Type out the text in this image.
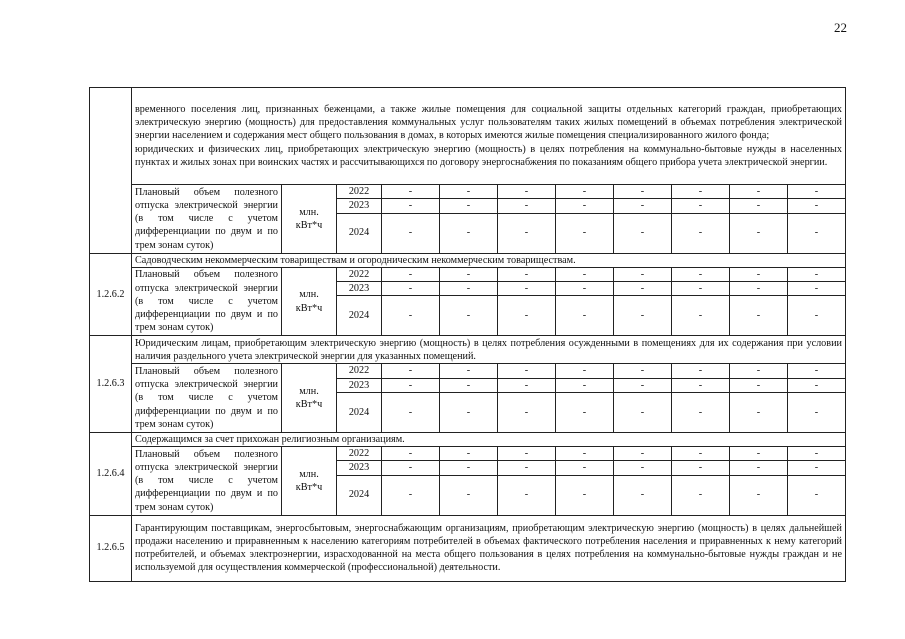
22

	временного поселения лиц, признанных беженцами, а также жилые помещения для социальной защиты отдельных категорий граждан, приобретающих электрическую энергию (мощность) для предоставления коммунальных услуг пользователям таких жилых помещений в объемах потребления электрической энергии населением и содержания мест общего пользования в домах, в которых имеются жилые помещения специализированного жилого фонда;

юридических и физических лиц, приобретающих электрическую энергию (мощность) в целях потребления на коммунально-бытовые нужды в населенных пунктах и жилых зонах при воинских частях и рассчитывающихся по договору энергоснабжения по показаниям общего прибора учета электрической энергии.										

	Плановый объем полезного отпуска электрической энергии (в том числе с учетом дифференциации по двум и по трем зонам суток)	млн. кВт*ч	2022	-	-	-	-	-	-	-	-
			2023	-	-	-	-	-	-	-	-
			2024	-	-	-	-	-	-	-	-
1.2.6.2	Садоводческим некоммерческим товариществам и огородническим некоммерческим товариществам.										

	Плановый объем полезного отпуска электрической энергии (в том числе с учетом дифференциации по двум и по трем зонам суток)	млн. кВт*ч	2022	-	-	-	-	-	-	-	-
			2023	-	-	-	-	-	-	-	-
			2024	-	-	-	-	-	-	-	-
1.2.6.3	Юридическим лицам, приобретающим электрическую энергию (мощность) в целях потребления осужденными в помещениях для их содержания при условии наличия раздельного учета электрической энергии для указанных помещений.										

	Плановый объем полезного отпуска электрической энергии (в том числе с учетом дифференциации по двум и по трем зонам суток)	млн. кВт*ч	2022	-	-	-	-	-	-	-	-
			2023	-	-	-	-	-	-	-	-
			2024	-	-	-	-	-	-	-	-
1.2.6.4	Содержащимся за счет прихожан религиозным организациям.										

	Плановый объем полезного отпуска электрической энергии (в том числе с учетом дифференциации по двум и по трем зонам суток)	млн. кВт*ч	2022	-	-	-	-	-	-	-	-
			2023	-	-	-	-	-	-	-	-
			2024	-	-	-	-	-	-	-	-
1.2.6.5	Гарантирующим поставщикам, энергосбытовым, энергоснабжающим организациям, приобретающим электрическую энергию (мощность) в целях дальнейшей продажи населению и приравненным к населению категориям потребителей в объемах фактического потребления населения и приравненных к нему категорий потребителей, и объемах электроэнергии, израсходованной на места общего пользования в целях потребления на коммунально-бытовые нужды граждан и не используемой для осуществления коммерческой (профессиональной) деятельности.										
